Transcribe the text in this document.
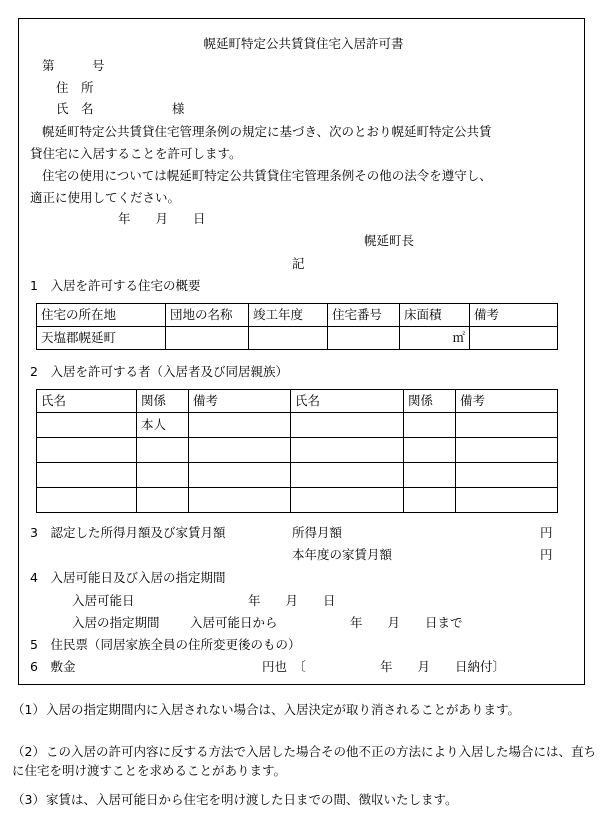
幌延町特定公共賃貸住宅入居許可書
第　　　号
住　所
氏　名	様
幌延町特定公共賃貸住宅管理条例の規定に基づき、次のとおり幌延町特定公共賃
貸住宅に入居することを許可します。
住宅の使用については幌延町特定公共賃貸住宅管理条例その他の法令を遵守し、
適正に使用してください。
年　　月　　日
幌延町長
記
1　入居を許可する住宅の概要
住宅の所在地	団地の名称	竣工年度	住宅番号	床面積	備考
天塩郡幌延町				㎡	
2　入居を許可する者（入居者及び同居親族）
氏名	関係	備考	氏名	関係	備考
	本人				

3　認定した所得月額及び家賃月額	所得月額	円
本年度の家賃月額	円
4　入居可能日及び入居の指定期間
入居可能日	年　　月　　日
入居の指定期間 入居可能日から	年　　月　　日まで
5　住民票（同居家族全員の住所変更後のもの）
6　敷金	円也　〔	年　　月　　日納付〕
（1）入居の指定期間内に入居されない場合は、入居決定が取り消されることがあります。
（2）この入居の許可内容に反する方法で入居した場合その他不正の方法により入居した場合には、直ちに住宅を明け渡すことを求めることがあります。
（3）家賃は、入居可能日から住宅を明け渡した日までの間、徴収いたします。
